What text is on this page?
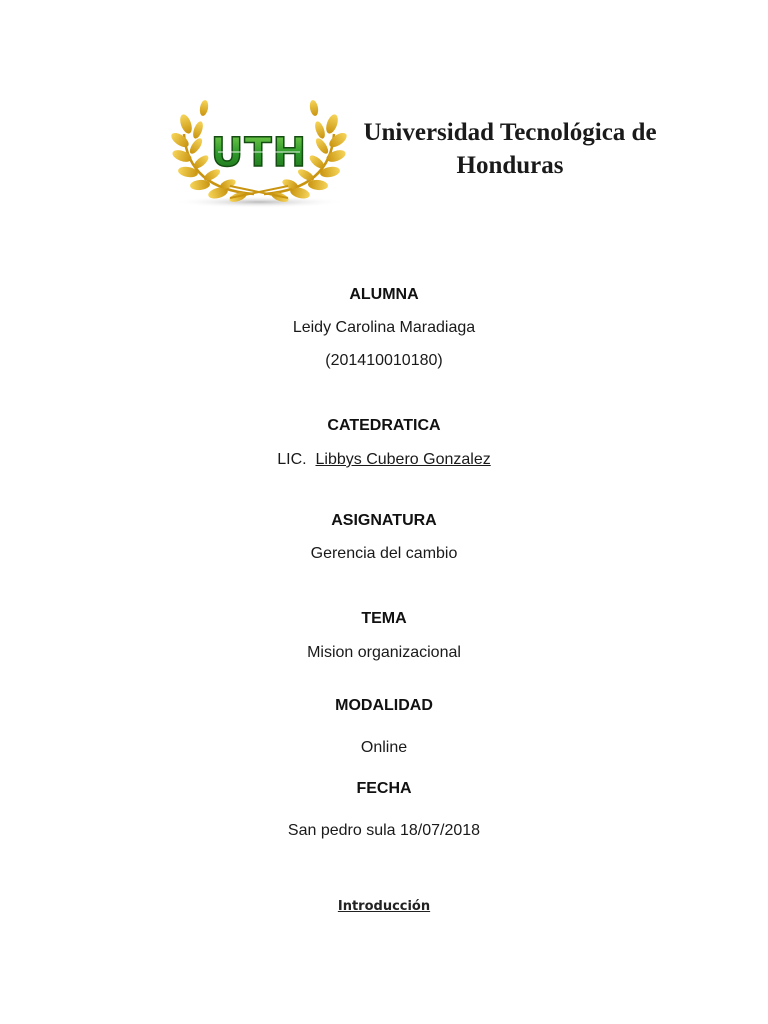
UTH	Universidad Tecnológica de
Honduras
ALUMNA
Leidy Carolina Maradiaga
(201410010180)
CATEDRATICA
LIC. Libbys Cubero Gonzalez
ASIGNATURA
Gerencia del cambio
TEMA
Mision organizacional
MODALIDAD
Online
FECHA
San pedro sula 18/07/2018
Introducción
